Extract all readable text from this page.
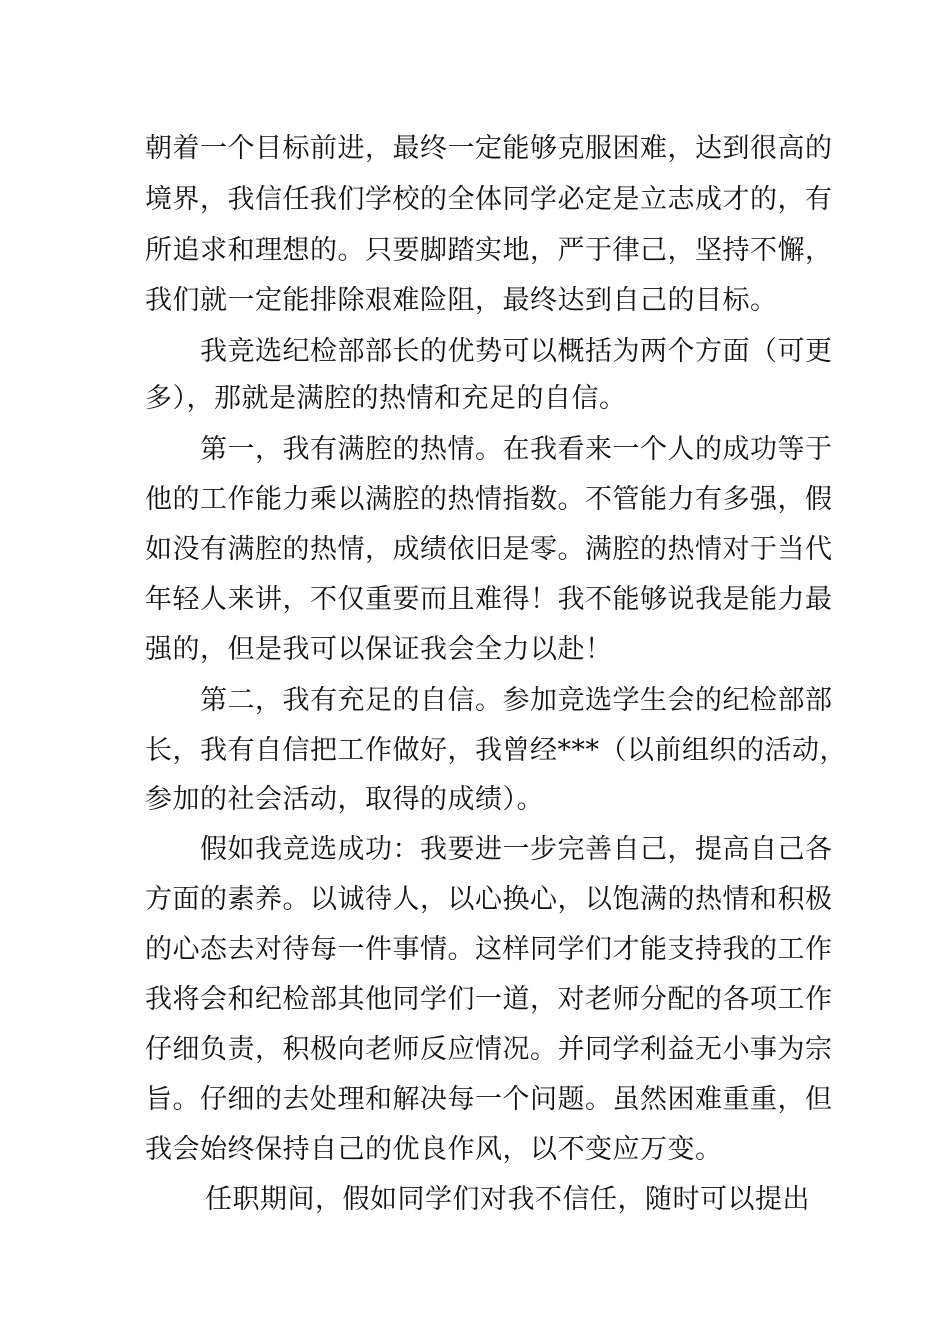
朝着一个目标前进，最终一定能够克服困难，达到很高的
境界，我信任我们学校的全体同学必定是立志成才的，有
所追求和理想的。只要脚踏实地，严于律己，坚持不懈，
我们就一定能排除艰难险阻，最终达到自己的目标。
我竞选纪检部部长的优势可以概括为两个方面（可更
多），那就是满腔的热情和充足的自信。
第一，我有满腔的热情。在我看来一个人的成功等于
他的工作能力乘以满腔的热情指数。不管能力有多强，假
如没有满腔的热情，成绩依旧是零。满腔的热情对于当代
年轻人来讲，不仅重要而且难得！我不能够说我是能力最
强的，但是我可以保证我会全力以赴！
第二，我有充足的自信。参加竞选学生会的纪检部部
长，我有自信把工作做好，我曾经***（以前组织的活动，
参加的社会活动，取得的成绩）。
假如我竞选成功：我要进一步完善自己，提高自己各
方面的素养。以诚待人，以心换心，以饱满的热情和积极
的心态去对待每一件事情。这样同学们才能支持我的工作
我将会和纪检部其他同学们一道，对老师分配的各项工作
仔细负责，积极向老师反应情况。并同学利益无小事为宗
旨。仔细的去处理和解决每一个问题。虽然困难重重，但
我会始终保持自己的优良作风，以不变应万变。
任职期间，假如同学们对我不信任，随时可以提出
